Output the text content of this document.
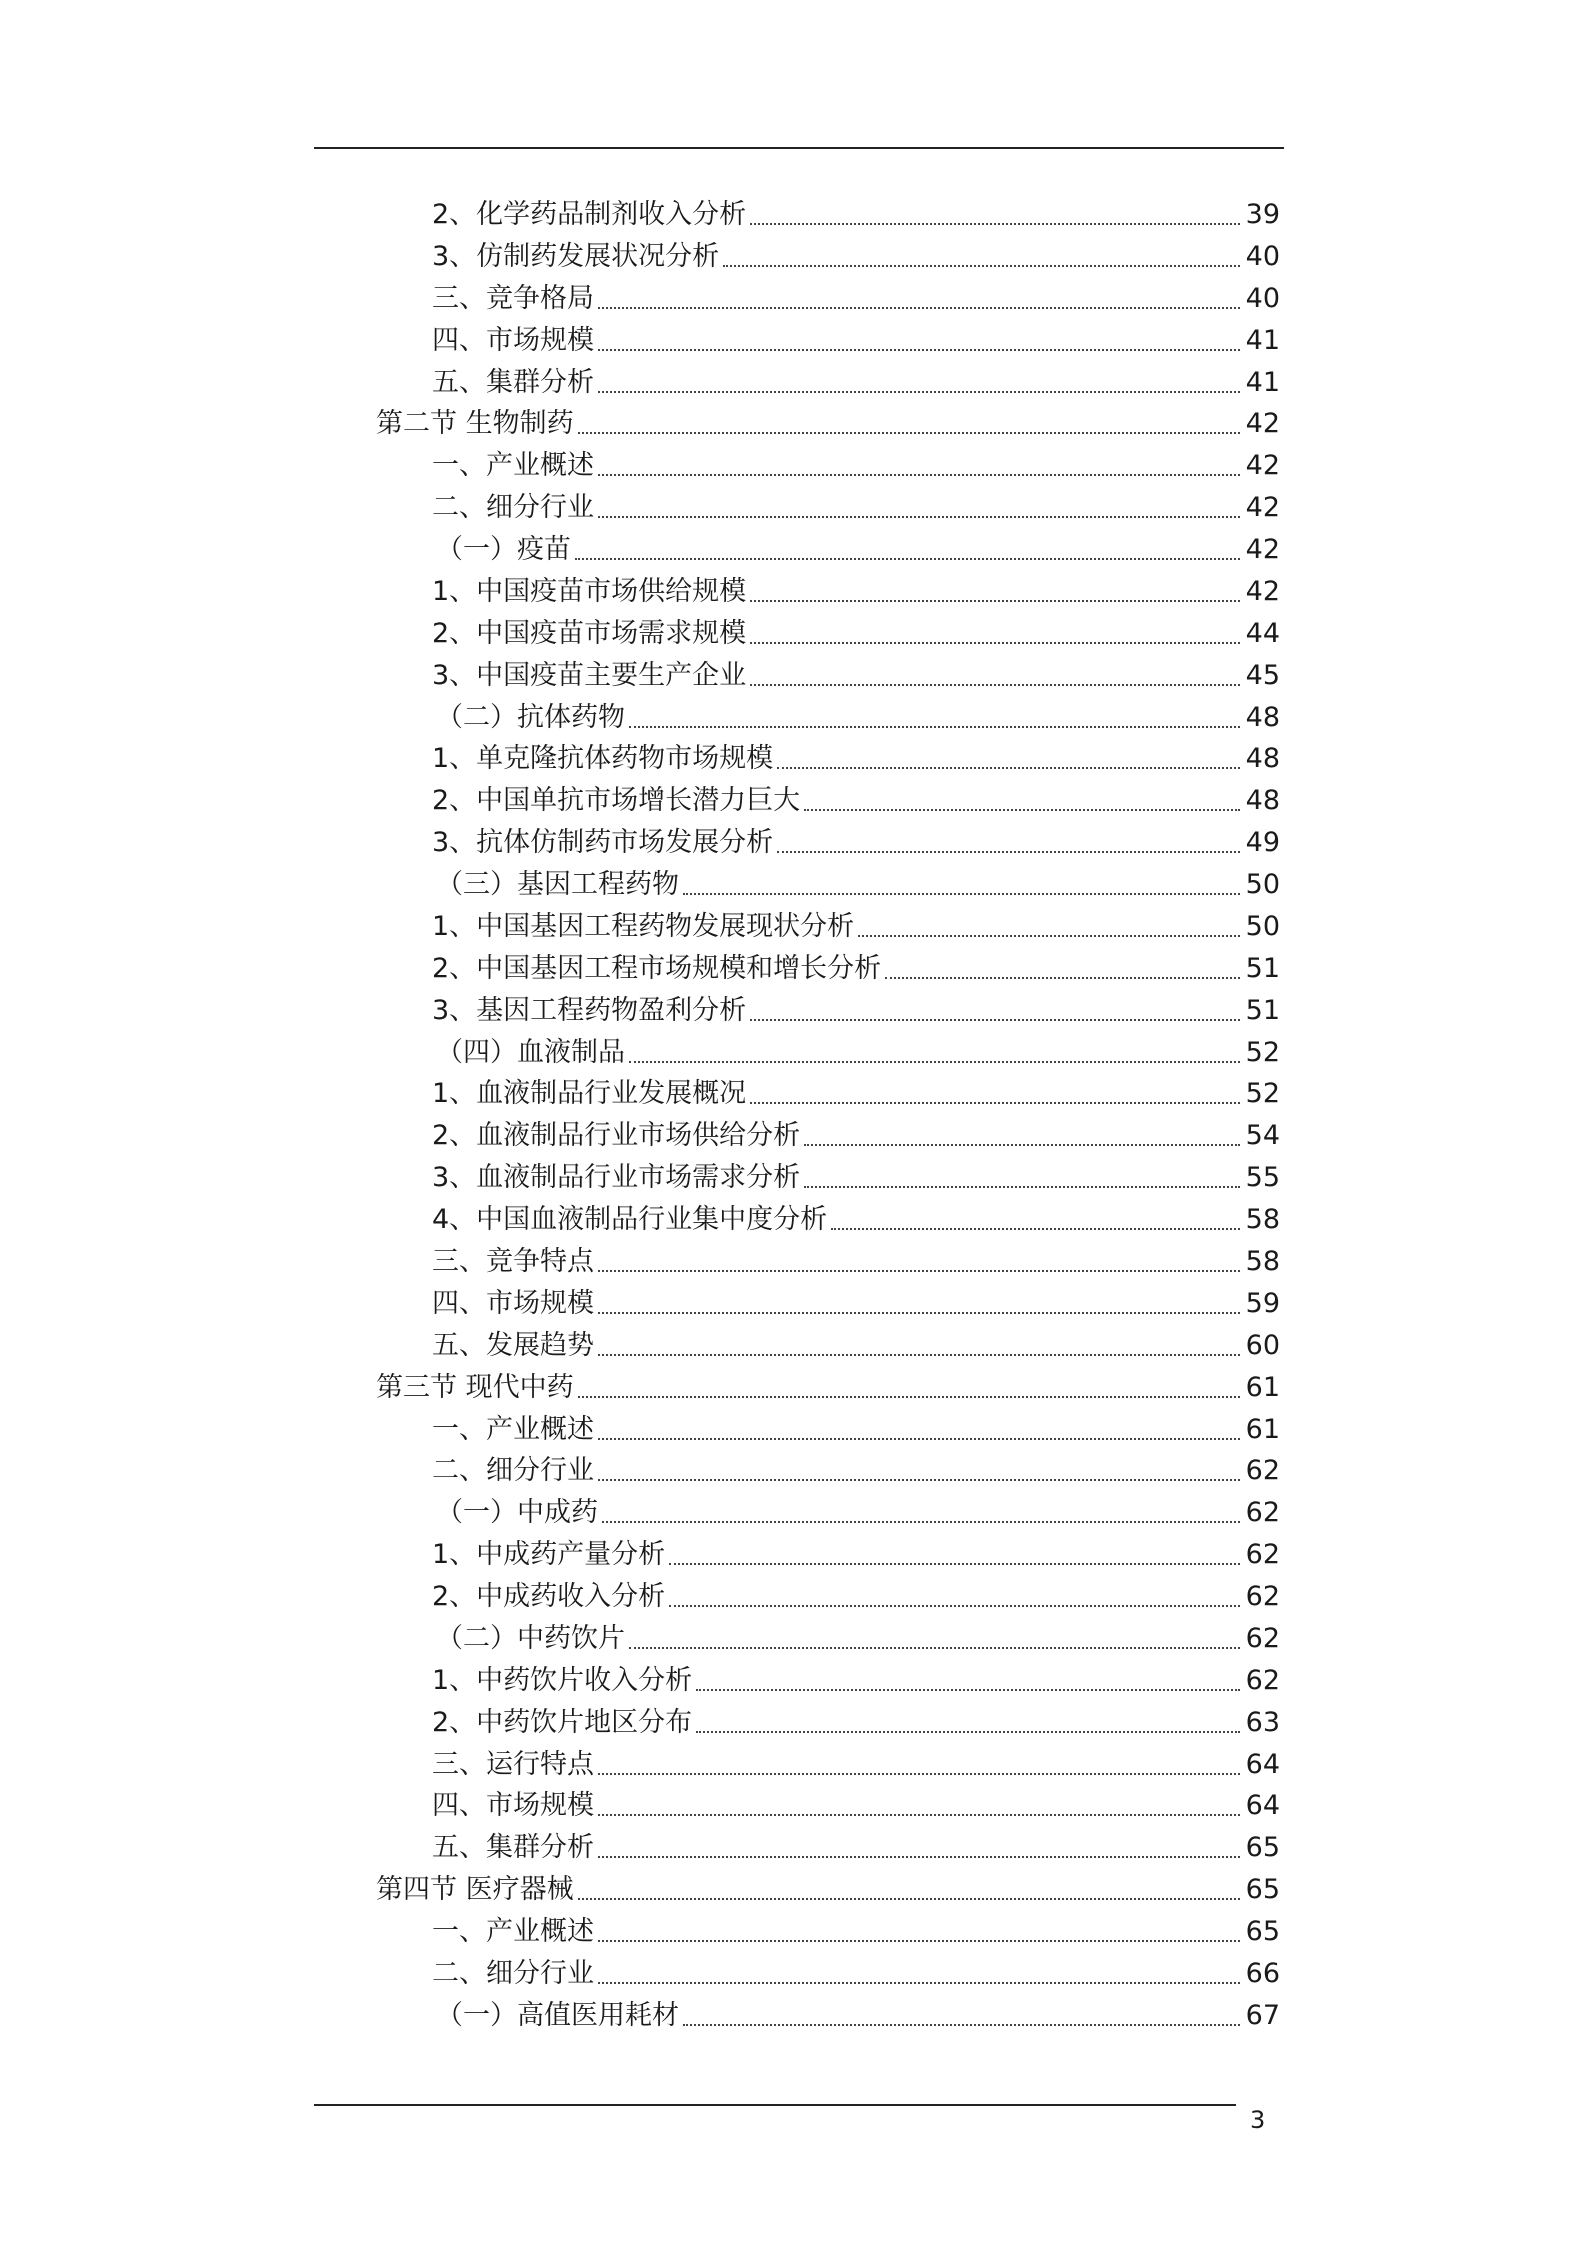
2、化学药品制剂收入分析	39
3、仿制药发展状况分析	40
三、竞争格局	40
四、市场规模	41
五、集群分析	41
第二节 生物制药	42
一、产业概述	42
二、细分行业	42
（一）疫苗	42
1、中国疫苗市场供给规模	42
2、中国疫苗市场需求规模	44
3、中国疫苗主要生产企业	45
（二）抗体药物	48
1、单克隆抗体药物市场规模	48
2、中国单抗市场增长潜力巨大	48
3、抗体仿制药市场发展分析	49
（三）基因工程药物	50
1、中国基因工程药物发展现状分析	50
2、中国基因工程市场规模和增长分析	51
3、基因工程药物盈利分析	51
（四）血液制品	52
1、血液制品行业发展概况	52
2、血液制品行业市场供给分析	54
3、血液制品行业市场需求分析	55
4、中国血液制品行业集中度分析	58
三、竞争特点	58
四、市场规模	59
五、发展趋势	60
第三节 现代中药	61
一、产业概述	61
二、细分行业	62
（一）中成药	62
1、中成药产量分析	62
2、中成药收入分析	62
（二）中药饮片	62
1、中药饮片收入分析	62
2、中药饮片地区分布	63
三、运行特点	64
四、市场规模	64
五、集群分析	65
第四节 医疗器械	65
一、产业概述	65
二、细分行业	66
（一）高值医用耗材	67
3
